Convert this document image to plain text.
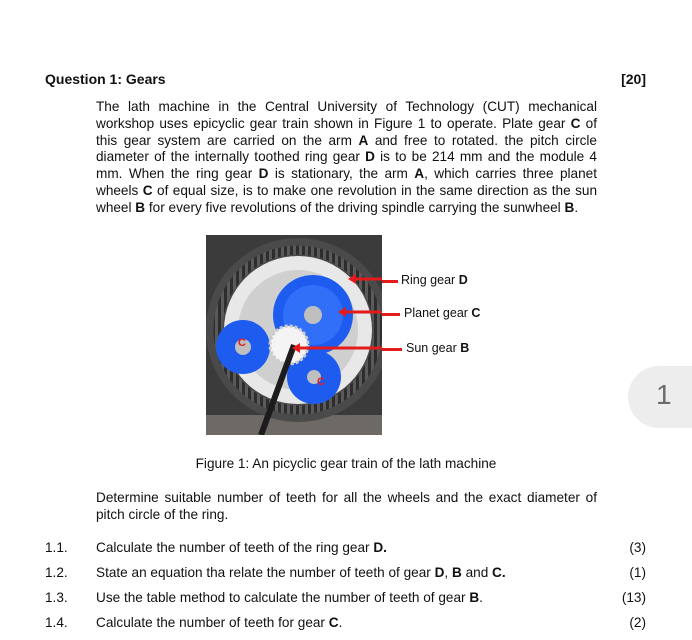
Question 1: Gears	[20]
The lath machine in the Central University of Technology (CUT) mechanical workshop uses epicyclic gear train shown in Figure 1 to operate. Plate gear C of this gear system are carried on the arm A and free to rotated. the pitch circle diameter of the internally toothed ring gear D is to be 214 mm and the module 4 mm. When the ring gear D is stationary, the arm A, which carries three planet wheels C of equal size, is to make one revolution in the same direction as the sun wheel B for every five revolutions of the driving spindle carrying the sunwheel B.
C
C
Ring gear D
Planet gear C
Sun gear B
Figure 1: An picyclic gear train of the lath machine
Determine suitable number of teeth for all the wheels and the exact diameter of pitch circle of the ring.
1.1. Calculate the number of teeth of the ring gear D.	(3)
1.2. State an equation tha relate the number of teeth of gear D, B and C.	(1)
1.3. Use the table method to calculate the number of teeth of gear B.	(13)
1.4. Calculate the number of teeth for gear C.	(2)
1
